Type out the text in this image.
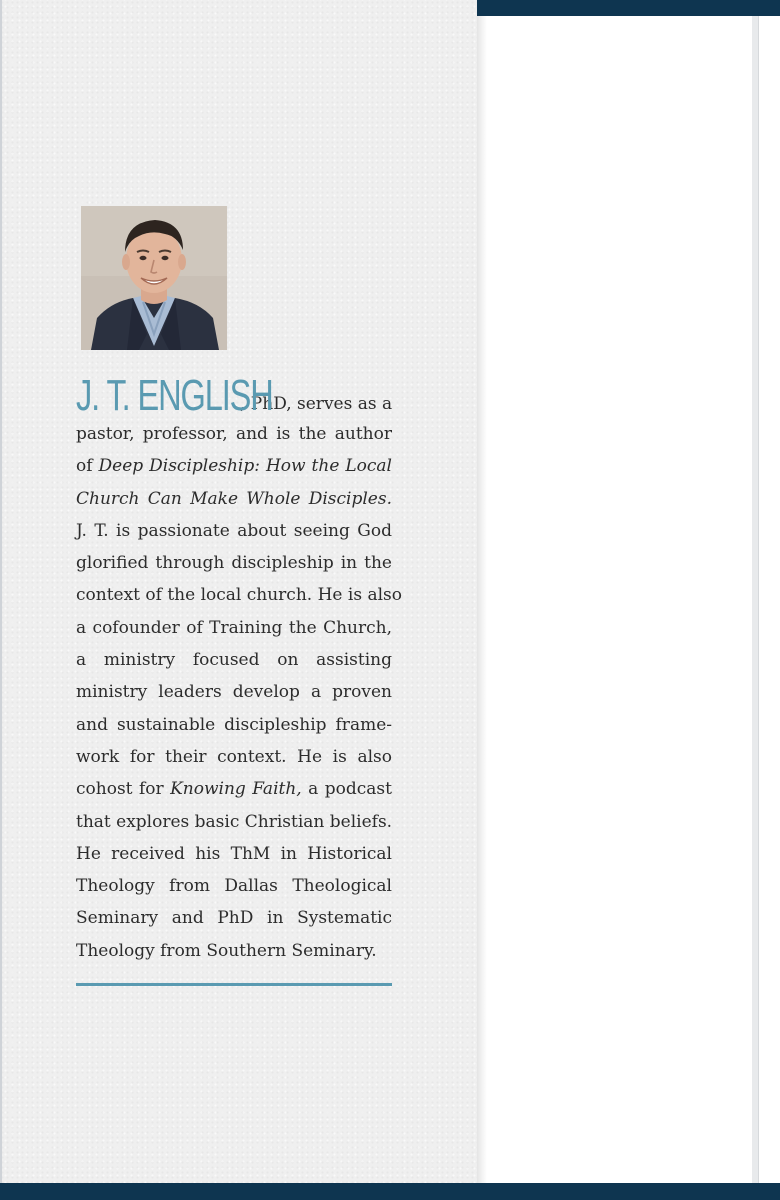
J. T. ENGLISH
, PhD, serves as a
pastor, professor, and is the author
of Deep Discipleship: How the Local
Church Can Make Whole Disciples.
J. T. is passionate about seeing God
glorified through discipleship in the
context of the local church. He is also
a cofounder of Training the Church,
a ministry focused on assisting
ministry leaders develop a proven
and sustainable discipleship frame-
work for their context. He is also
cohost for Knowing Faith, a podcast
that explores basic Christian beliefs.
He received his ThM in Historical
Theology from Dallas Theological
Seminary and PhD in Systematic
Theology from Southern Seminary.
